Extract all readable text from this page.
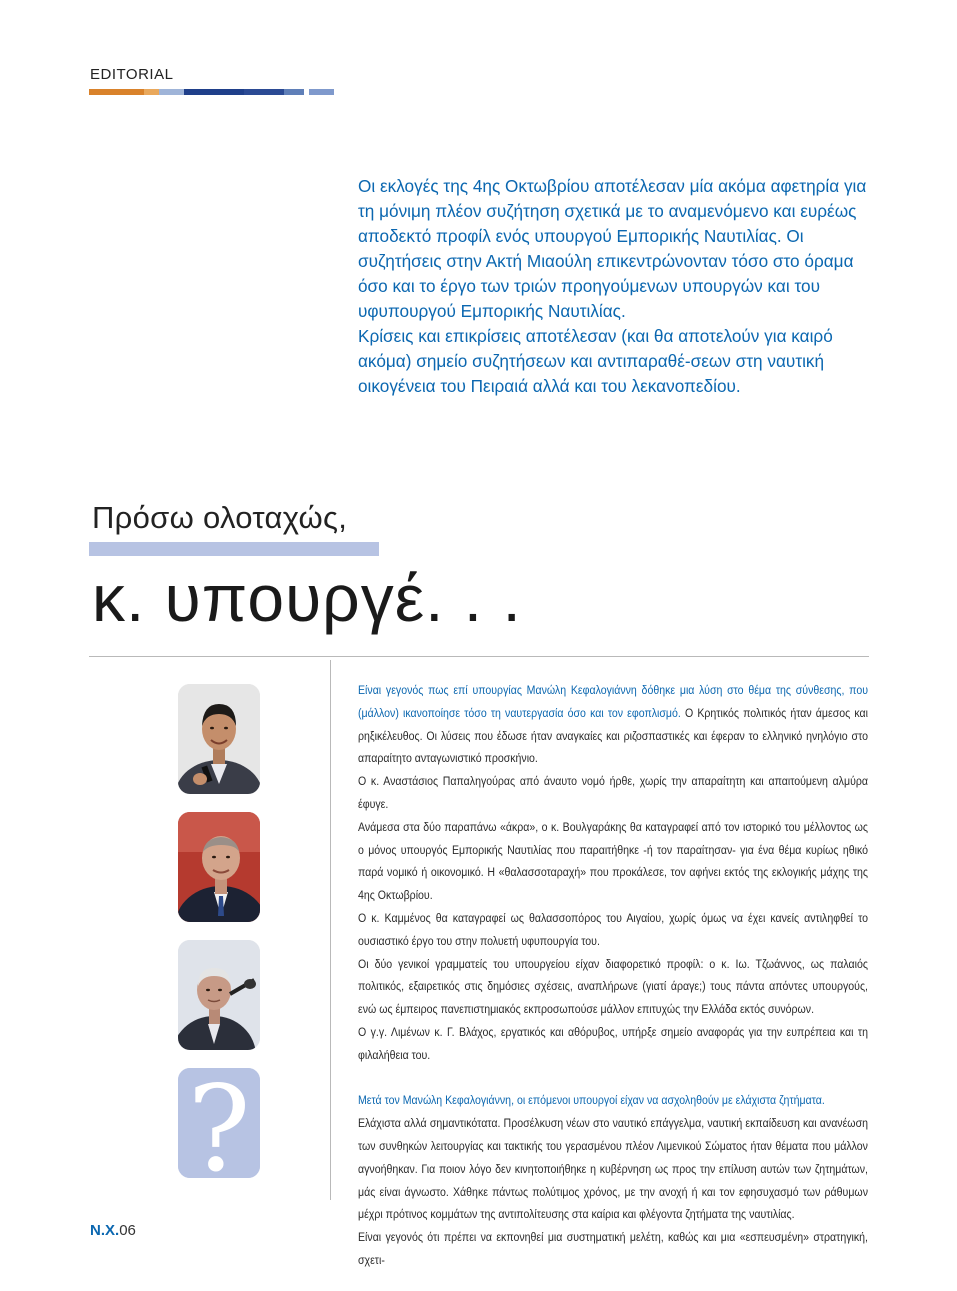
EDITORIAL

Οι εκλογές της 4ης Οκτωβρίου αποτέλεσαν μία ακόμα αφετηρία για τη μόνιμη πλέον συζήτηση σχετικά με το αναμενόμενο και ευρέως αποδεκτό προφίλ ενός υπουργού Εμπορικής Ναυτιλίας. Οι συζητήσεις στην Ακτή Μιαούλη επικεντρώνονταν τόσο στο όραμα όσο και το έργο των τριών προηγούμενων υπουργών και του υφυπουργού Εμπορικής Ναυτιλίας.

Κρίσεις και επικρίσεις αποτέλεσαν (και θα αποτελούν για καιρό ακόμα) σημείο συζητήσεων και αντιπαραθέ-σεων στη ναυτική οικογένεια του Πειραιά αλλά και του λεκανοπεδίου.

Πρόσω ολοταχώς,
κ. υπουργέ. . .
?

Είναι γεγονός πως επί υπουργίας Μανώλη Κεφαλογιάννη δόθηκε μια λύση στο θέμα της σύνθεσης, που (μάλλον) ικανοποίησε τόσο τη ναυτεργασία όσο και τον εφοπλισμό. Ο Κρητικός πολιτικός ήταν άμεσος και ρηξικέλευθος. Οι λύσεις που έδωσε ήταν αναγκαίες και ριζοσπαστικές και έφεραν το ελληνικό ηνηλόγιο στο απαραίτητο ανταγωνιστικό προσκήνιο.

Ο κ. Αναστάσιος Παπαληγούρας από άναυτο νομό ήρθε, χωρίς την απαραίτητη και απαιτούμενη αλμύρα έφυγε.

Ανάμεσα στα δύο παραπάνω «άκρα», ο κ. Βουλγαράκης θα καταγραφεί από τον ιστορικό του μέλλοντος ως ο μόνος υπουργός Εμπορικής Ναυτιλίας που παραιτήθηκε -ή τον παραίτησαν- για ένα θέμα κυρίως ηθικό παρά νομικό ή οικονομικό. Η «θαλασσοταραχή» που προκάλεσε, τον αφήνει εκτός της εκλογικής μάχης της 4ης Οκτωβρίου.

Ο κ. Καμμένος θα καταγραφεί ως θαλασσοπόρος του Αιγαίου, χωρίς όμως να έχει κανείς αντιληφθεί το ουσιαστικό έργο του στην πολυετή υφυπουργία του.

Οι δύο γενικοί γραμματείς του υπουργείου είχαν διαφορετικό προφίλ: ο κ. Ιω. Τζωάννος, ως παλαιός πολιτικός, εξαιρετικός στις δημόσιες σχέσεις, αναπλήρωνε (γιατί άραγε;) τους πάντα απόντες υπουργούς, ενώ ως έμπειρος πανεπιστημιακός εκπροσωπούσε μάλλον επιτυχώς την Ελλάδα εκτός συνόρων.

Ο γ.γ. Λιμένων κ. Γ. Βλάχος, εργατικός και αθόρυβος, υπήρξε σημείο αναφοράς για την ευπρέπεια και τη φιλαλήθεια του.

Μετά τον Μανώλη Κεφαλογιάννη, οι επόμενοι υπουργοί είχαν να ασχοληθούν με ελάχιστα ζητήματα.

Ελάχιστα αλλά σημαντικότατα. Προσέλκυση νέων στο ναυτικό επάγγελμα, ναυτική εκπαίδευση και ανανέωση των συνθηκών λειτουργίας και τακτικής του γερασμένου πλέον Λιμενικού Σώματος ήταν θέματα που μάλλον αγνοήθηκαν. Για ποιον λόγο δεν κινητοποιήθηκε η κυβέρνηση ως προς την επίλυση αυτών των ζητημάτων, μάς είναι άγνωστο. Χάθηκε πάντως πολύτιμος χρόνος, με την ανοχή ή και τον εφησυχασμό των ράθυμων μέχρι πρότινος κομμάτων της αντιπολίτευσης στα καίρια και φλέγοντα ζητήματα της ναυτιλίας.

Είναι γεγονός ότι πρέπει να εκπονηθεί μια συστηματική μελέτη, καθώς και μια «εσπευσμένη» στρατηγική, σχετι-

N.X.06
